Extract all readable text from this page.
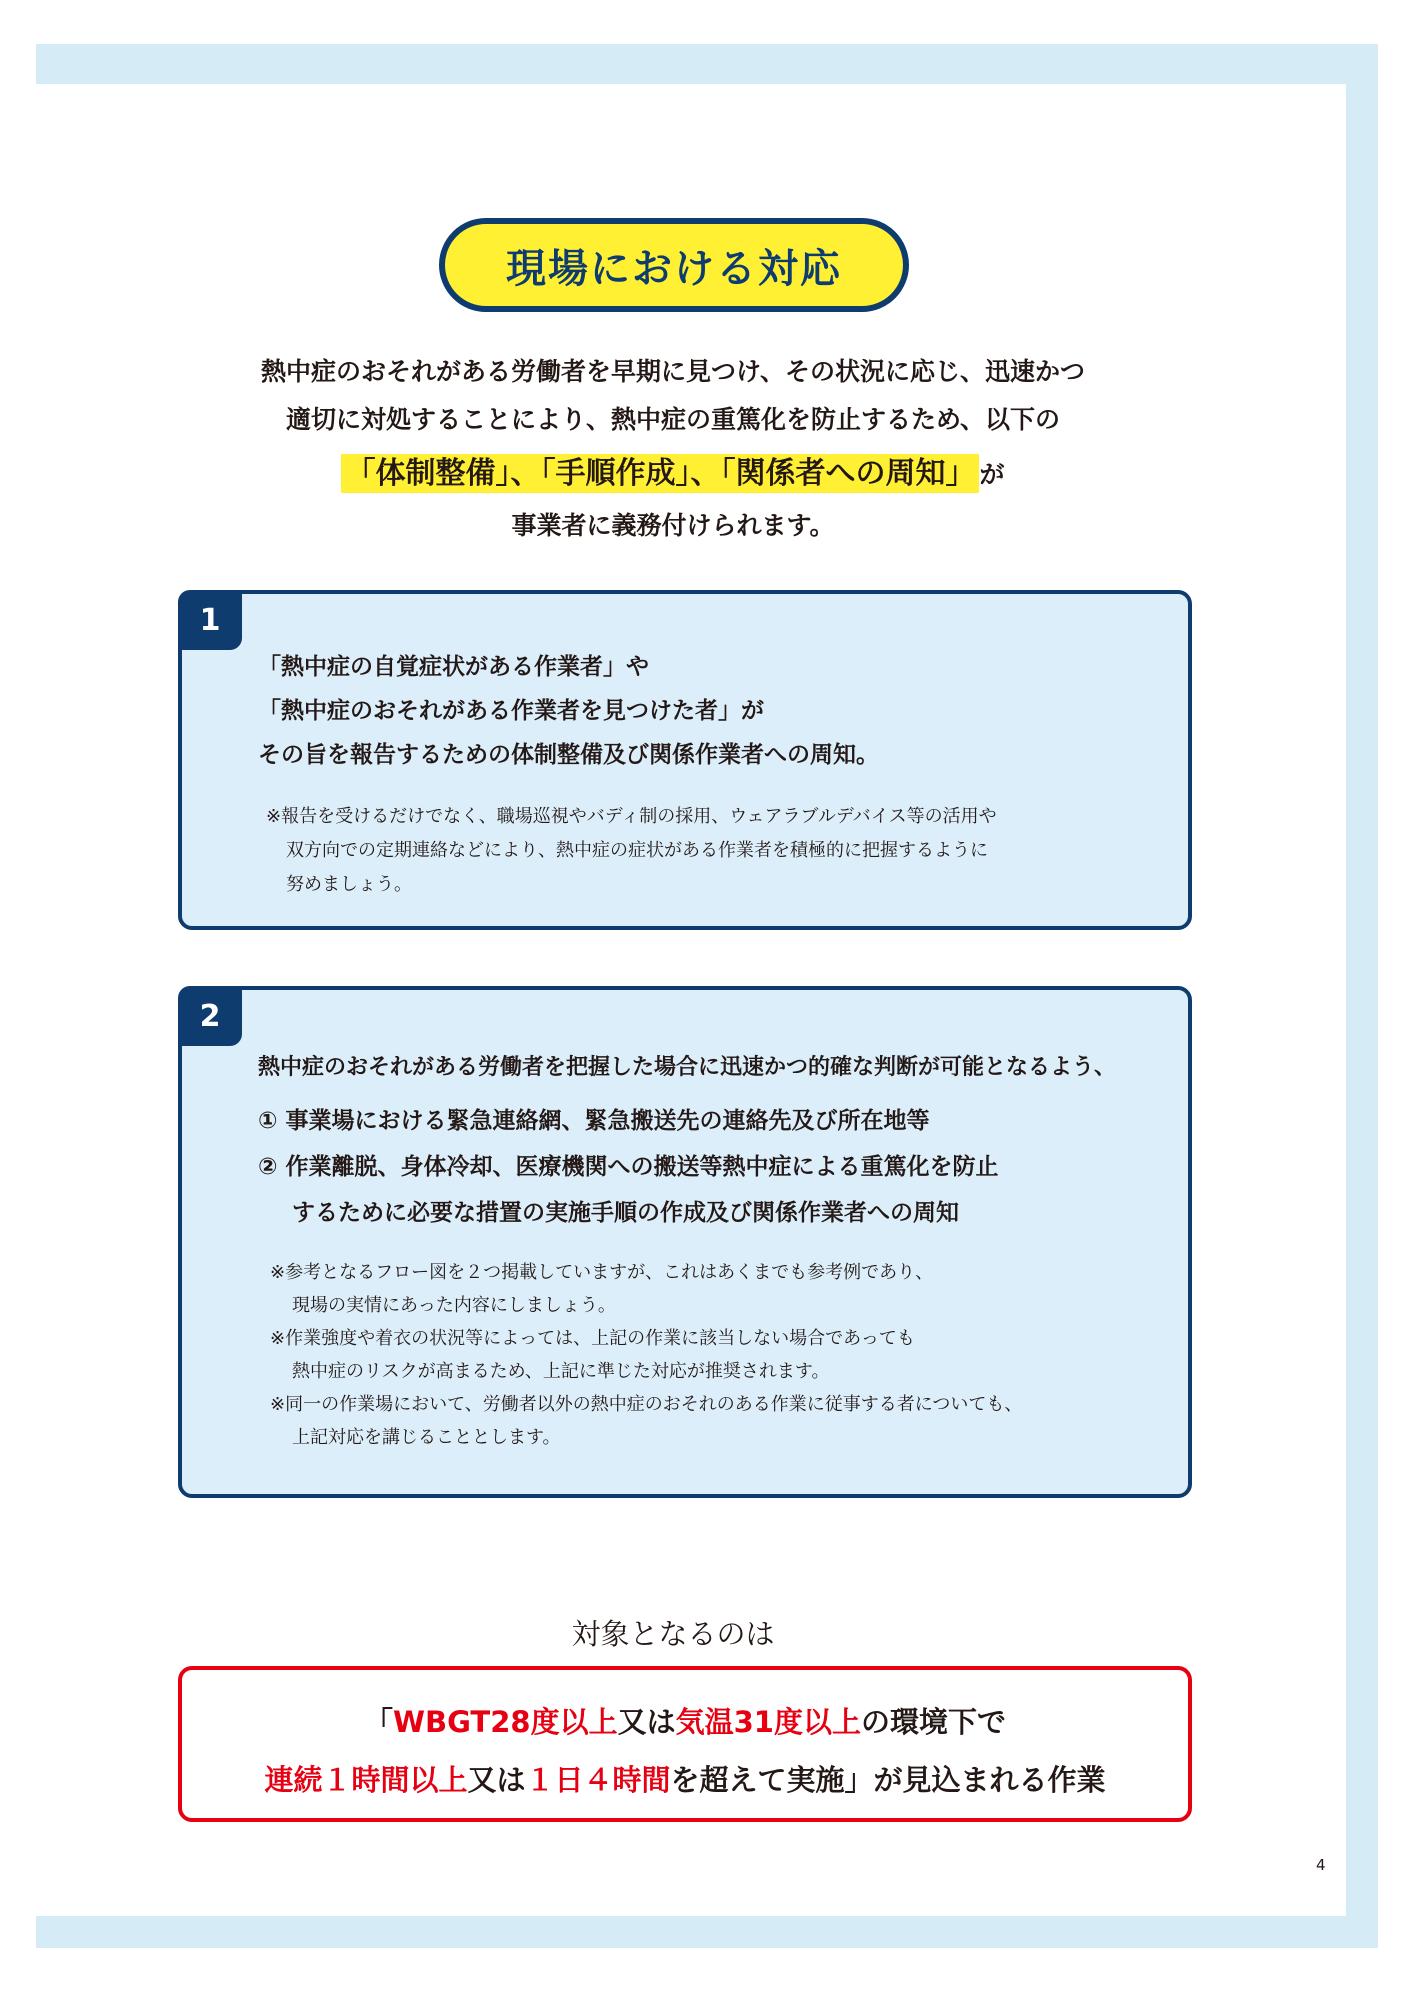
現場における対応
熱中症のおそれがある労働者を早期に見つけ、その状況に応じ、迅速かつ
適切に対処することにより、熱中症の重篤化を防止するため、以下の
「体制整備」、「手順作成」、「関係者への周知」 が
事業者に義務付けられます。
1
「熱中症の自覚症状がある作業者」や
「熱中症のおそれがある作業者を見つけた者」が
その旨を報告するための体制整備及び関係作業者への周知。
※報告を受けるだけでなく、職場巡視やバディ制の採用、ウェアラブルデバイス等の活用や
双方向での定期連絡などにより、熱中症の症状がある作業者を積極的に把握するように
努めましょう。
2
熱中症のおそれがある労働者を把握した場合に迅速かつ的確な判断が可能となるよう、
① 事業場における緊急連絡網、緊急搬送先の連絡先及び所在地等
② 作業離脱、身体冷却、医療機関への搬送等熱中症による重篤化を防止
するために必要な措置の実施手順の作成及び関係作業者への周知
※参考となるフロー図を２つ掲載していますが、これはあくまでも参考例であり、
現場の実情にあった内容にしましょう。
※作業強度や着衣の状況等によっては、上記の作業に該当しない場合であっても
熱中症のリスクが高まるため、上記に準じた対応が推奨されます。
※同一の作業場において、労働者以外の熱中症のおそれのある作業に従事する者についても、
上記対応を講じることとします。
対象となるのは
「WBGT28度以上又は気温31度以上の環境下で
連続１時間以上又は１日４時間を超えて実施」が見込まれる作業
4
